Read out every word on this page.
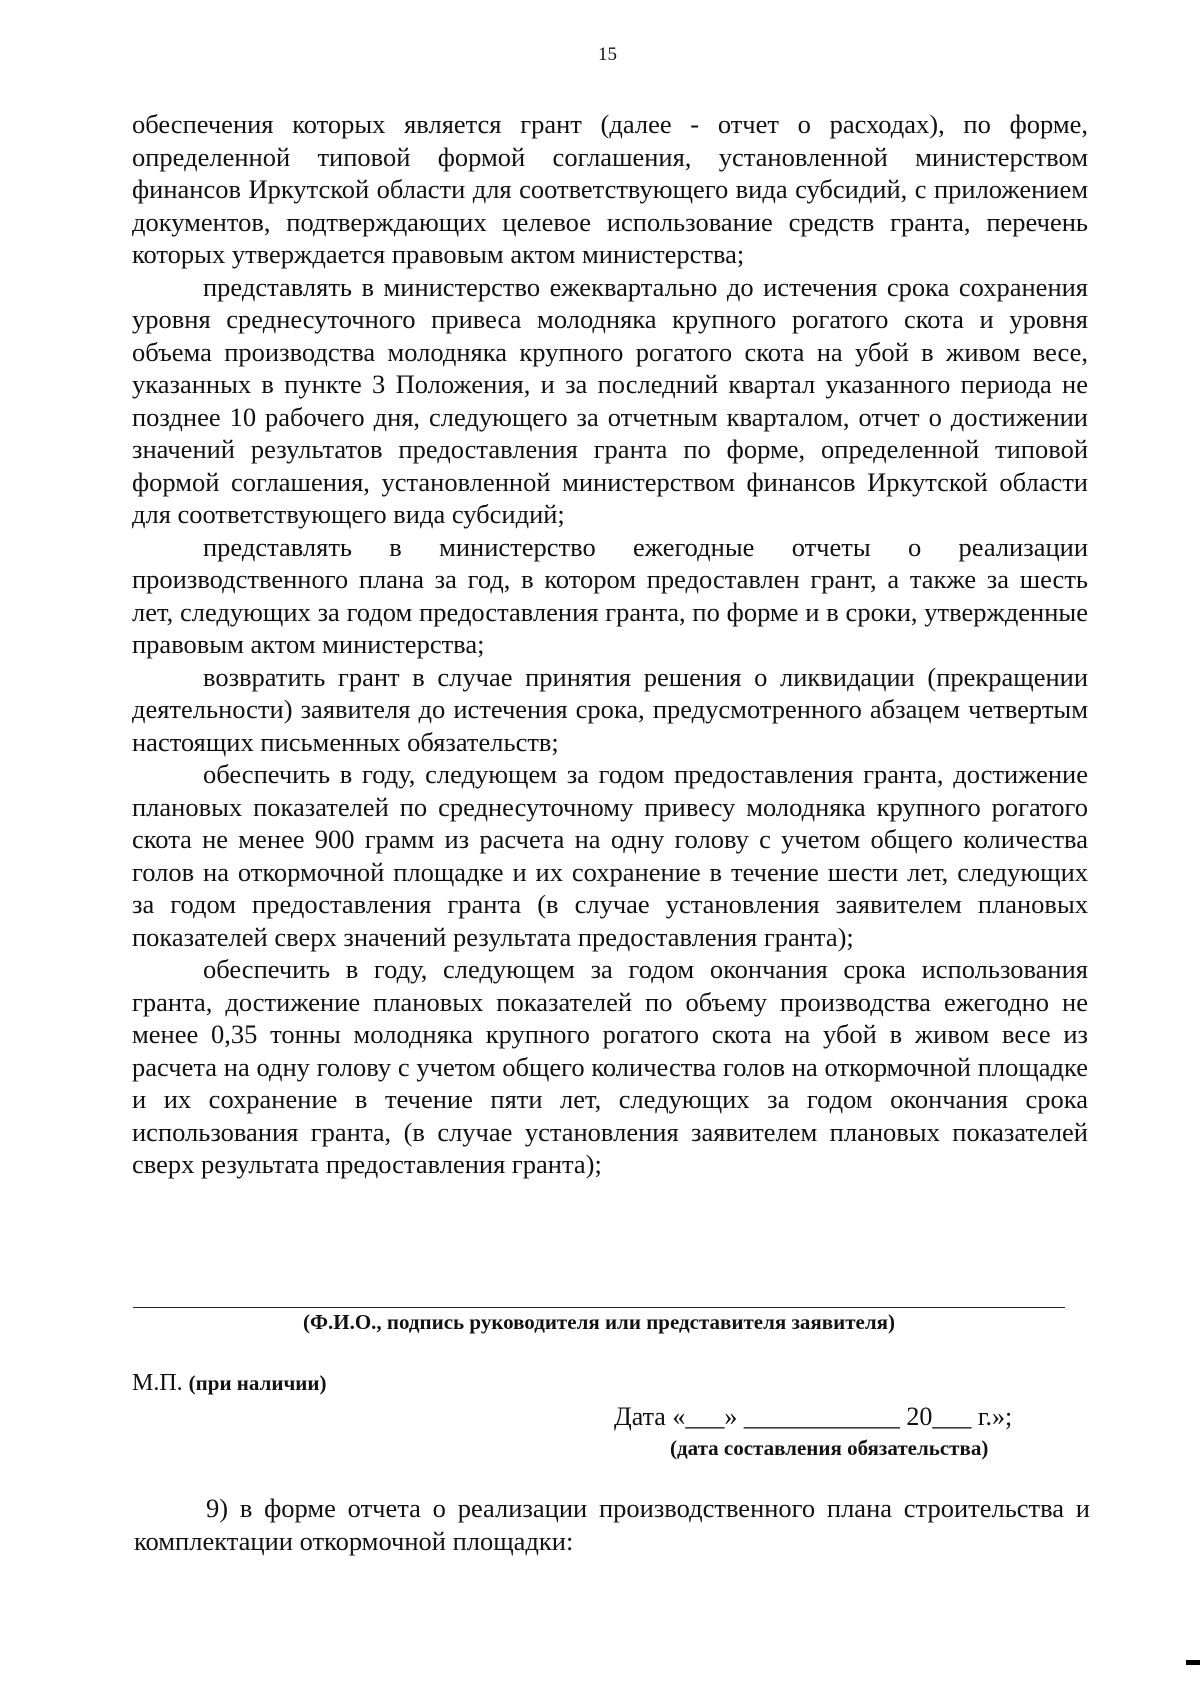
15

обеспечения которых является грант (далее - отчет о расходах), по форме, определенной типовой формой соглашения, установленной министерством финансов Иркутской области для соответствующего вида субсидий, с приложением документов, подтверждающих целевое использование средств гранта, перечень которых утверждается правовым актом министерства;

представлять в министерство ежеквартально до истечения срока сохранения уровня среднесуточного привеса молодняка крупного рогатого скота и уровня объема производства молодняка крупного рогатого скота на убой в живом весе, указанных в пункте 3 Положения, и за последний квартал указанного периода не позднее 10 рабочего дня, следующего за отчетным кварталом, отчет о достижении значений результатов предоставления гранта по форме, определенной типовой формой соглашения, установленной министерством финансов Иркутской области для соответствующего вида субсидий;

представлять в министерство ежегодные отчеты о реализации производственного плана за год, в котором предоставлен грант, а также за шесть лет, следующих за годом предоставления гранта, по форме и в сроки, утвержденные правовым актом министерства;

возвратить грант в случае принятия решения о ликвидации (прекращении деятельности) заявителя до истечения срока, предусмотренного абзацем четвертым настоящих письменных обязательств;

обеспечить в году, следующем за годом предоставления гранта, достижение плановых показателей по среднесуточному привесу молодняка крупного рогатого скота не менее 900 грамм из расчета на одну голову с учетом общего количества голов на откормочной площадке и их сохранение в течение шести лет, следующих за годом предоставления гранта (в случае установления заявителем плановых показателей сверх значений результата предоставления гранта);

обеспечить в году, следующем за годом окончания срока использования гранта, достижение плановых показателей по объему производства ежегодно не менее 0,35 тонны молодняка крупного рогатого скота на убой в живом весе из расчета на одну голову с учетом общего количества голов на откормочной площадке и их сохранение в течение пяти лет, следующих за годом окончания срока использования гранта, (в случае установления заявителем плановых показателей сверх результата предоставления гранта);

(Ф.И.О., подпись руководителя или представителя заявителя)
М.П. (при наличии)
Дата «___» ____________ 20___ г.»;
(дата составления обязательства)

9) в форме отчета о реализации производственного плана строительства и комплектации откормочной площадки:
